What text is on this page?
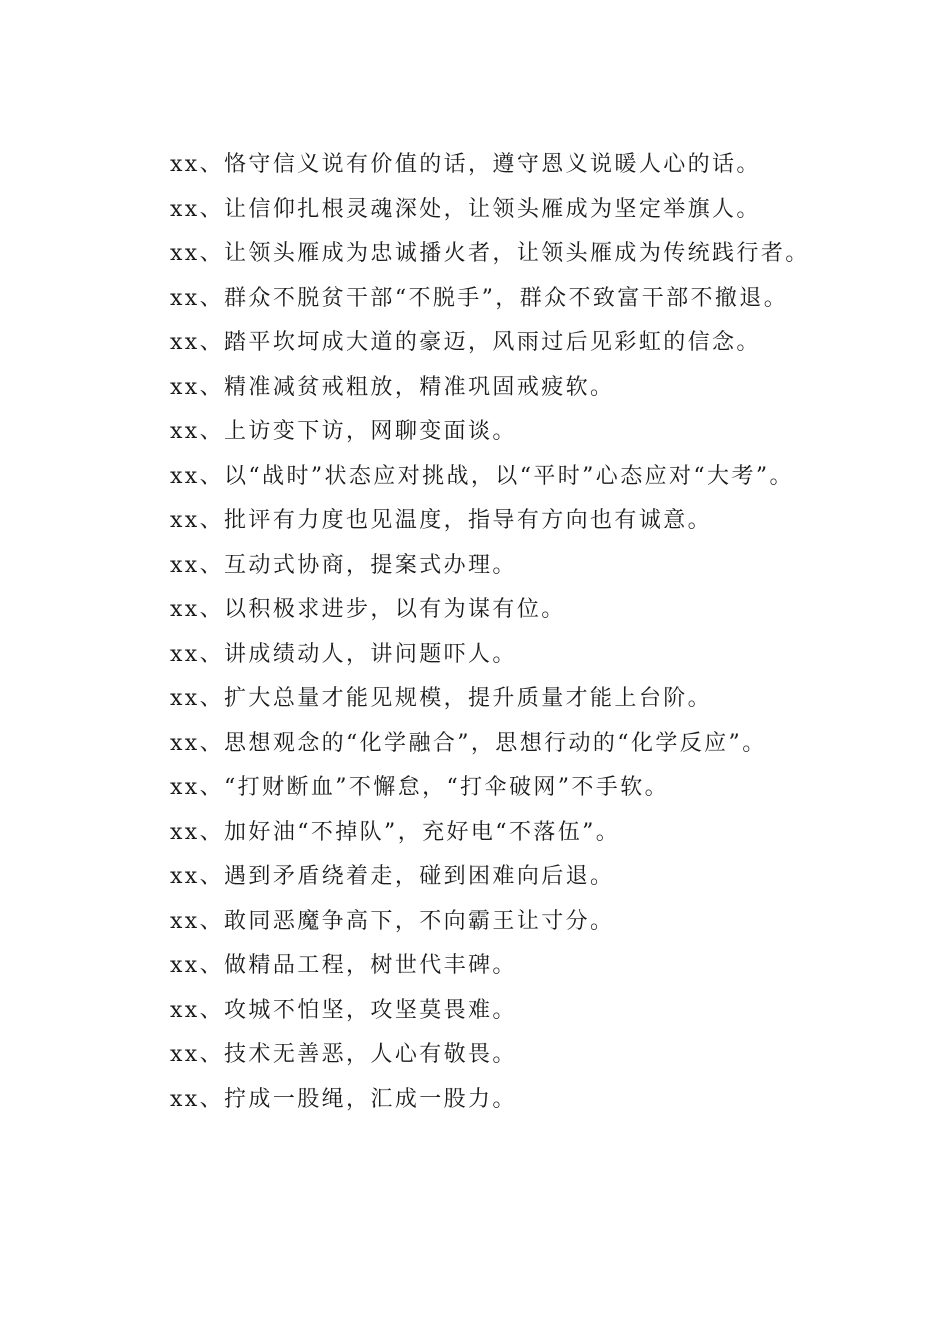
xx、恪守信义说有价值的话，遵守恩义说暖人心的话。

xx、让信仰扎根灵魂深处，让领头雁成为坚定举旗人。

xx、让领头雁成为忠诚播火者，让领头雁成为传统践行者。

xx、群众不脱贫干部“不脱手”，群众不致富干部不撤退。

xx、踏平坎坷成大道的豪迈，风雨过后见彩虹的信念。

xx、精准减贫戒粗放，精准巩固戒疲软。

xx、上访变下访，网聊变面谈。

xx、以“战时”状态应对挑战，以“平时”心态应对“大考”。

xx、批评有力度也见温度，指导有方向也有诚意。

xx、互动式协商，提案式办理。

xx、以积极求进步，以有为谋有位。

xx、讲成绩动人，讲问题吓人。

xx、扩大总量才能见规模，提升质量才能上台阶。

xx、思想观念的“化学融合”，思想行动的“化学反应”。

xx、“打财断血”不懈怠，“打伞破网”不手软。

xx、加好油“不掉队”，充好电“不落伍”。

xx、遇到矛盾绕着走，碰到困难向后退。

xx、敢同恶魔争高下，不向霸王让寸分。

xx、做精品工程，树世代丰碑。

xx、攻城不怕坚，攻坚莫畏难。

xx、技术无善恶，人心有敬畏。

xx、拧成一股绳，汇成一股力。
